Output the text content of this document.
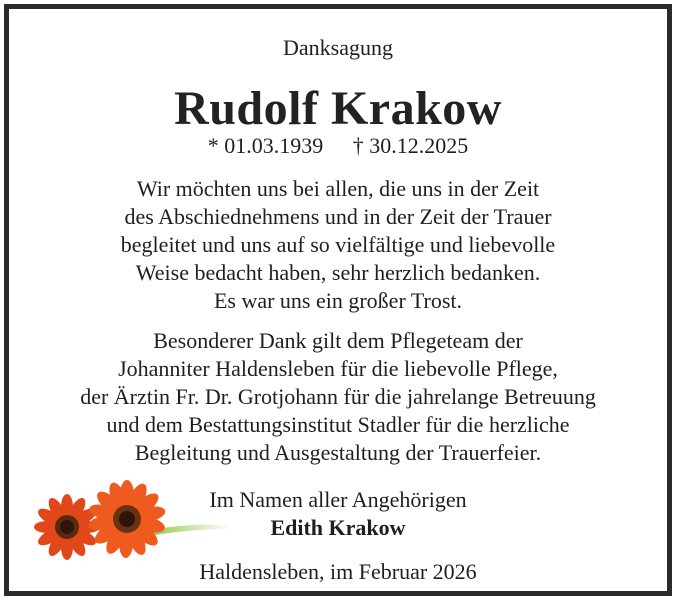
Danksagung
Rudolf Krakow
* 01.03.1939 † 30.12.2025
Wir möchten uns bei allen, die uns in der Zeit
des Abschiednehmens und in der Zeit der Trauer
begleitet und uns auf so vielfältige und liebevolle
Weise bedacht haben, sehr herzlich bedanken.
Es war uns ein großer Trost.
Besonderer Dank gilt dem Pflegeteam der
Johanniter Haldensleben für die liebevolle Pflege,
der Ärztin Fr. Dr. Grotjohann für die jahrelange Betreuung
und dem Bestattungsinstitut Stadler für die herzliche
Begleitung und Ausgestaltung der Trauerfeier.
Im Namen aller Angehörigen
Edith Krakow
Haldensleben, im Februar 2026
